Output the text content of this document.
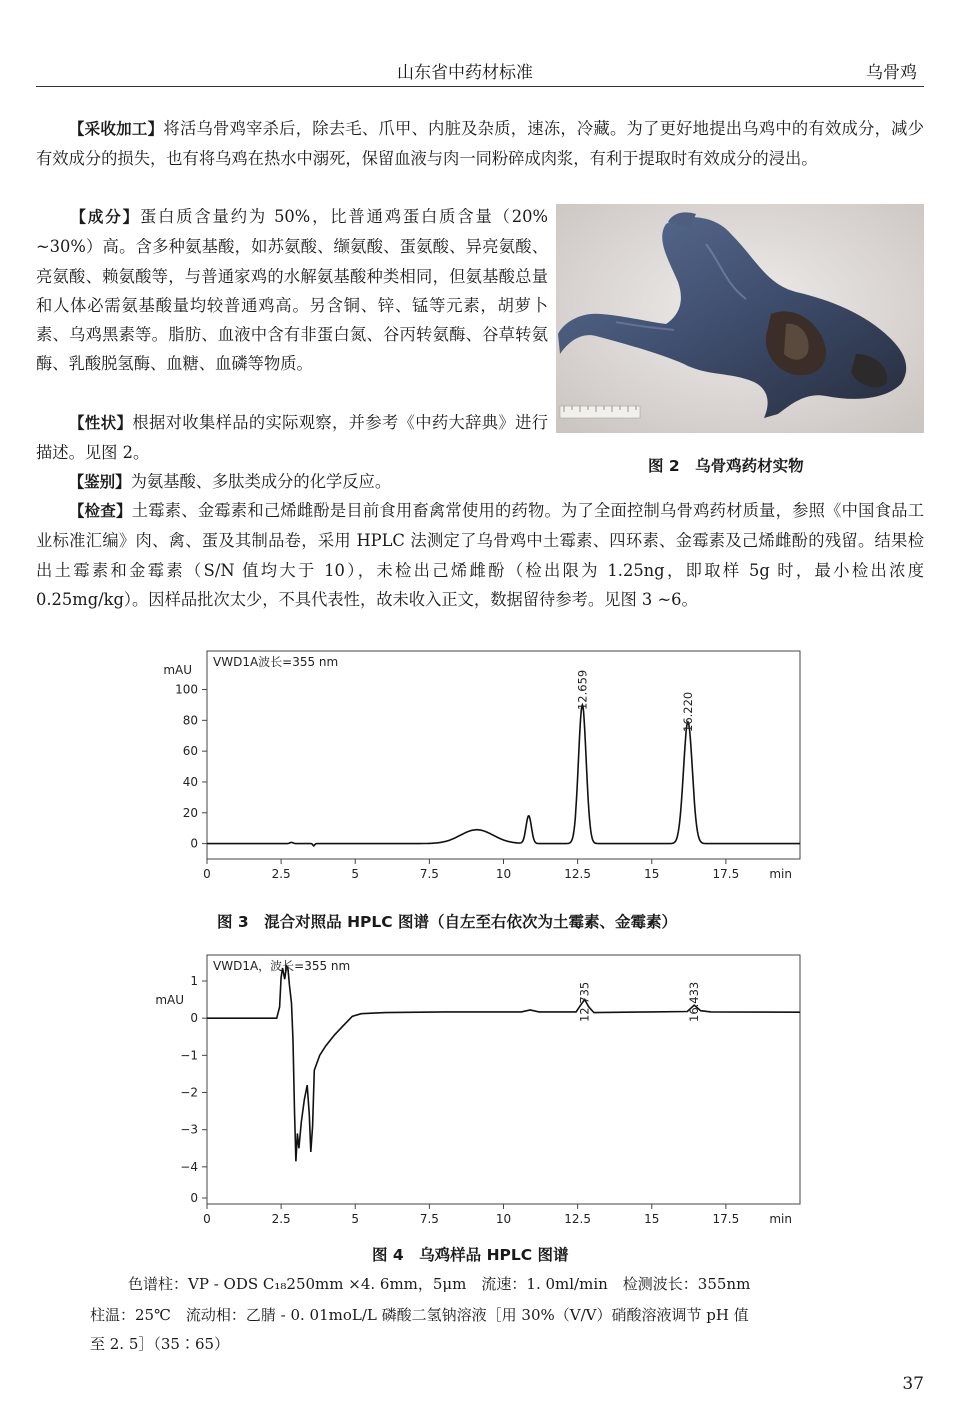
山东省中药材标准	乌骨鸡

【采收加工】将活乌骨鸡宰杀后，除去毛、爪甲、内脏及杂质，速冻，冷藏。为了更好地提出乌鸡中的有效成分，减少有效成分的损失，也有将乌鸡在热水中溺死，保留血液与肉一同粉碎成肉浆，有利于提取时有效成分的浸出。

【成分】蛋白质含量约为 50%，比普通鸡蛋白质含量（20% ~30%）高。含多种氨基酸，如苏氨酸、缬氨酸、蛋氨酸、异亮氨酸、亮氨酸、赖氨酸等，与普通家鸡的水解氨基酸种类相同，但氨基酸总量和人体必需氨基酸量均较普通鸡高。另含铜、锌、锰等元素，胡萝卜素、乌鸡黑素等。脂肪、血液中含有非蛋白氮、谷丙转氨酶、谷草转氨酶、乳酸脱氢酶、血糖、血磷等物质。

【性状】根据对收集样品的实际观察，并参考《中药大辞典》进行描述。见图 2。

【鉴别】为氨基酸、多肽类成分的化学反应。

【检查】土霉素、金霉素和己烯雌酚是目前食用畜禽常使用的药物。为了全面控制乌骨鸡药材质量，参照《中国食品工业标准汇编》肉、禽、蛋及其制品卷，采用 HPLC 法测定了乌骨鸡中土霉素、四环素、金霉素及己烯雌酚的残留。结果检出土霉素和金霉素（S/N 值均大于 10），未检出己烯雌酚（检出限为 1.25ng，即取样 5g 时，最小检出浓度 0.25mg/kg）。因样品批次太少，不具代表性，故未收入正文，数据留待参考。见图 3 ~6。

图 2　乌骨鸡药材实物
VWD1A波长=355 nm
mAU
0	2.5	5	7.5	10	12.5	15	17.5	min
0
20
40
60
80
100	12.659
16.220
图 3　混合对照品 HPLC 图谱（自左至右依次为土霉素、金霉素）
VWD1A，波长=355 nm
mAU
0	2.5	5	7.5	10	12.5	15	17.5	min
1
0
−1
−2
−3
−4
0
12.735	16.433
图 4　乌鸡样品 HPLC 图谱
色谱柱：VP - ODS C₁₈250mm ×4. 6mm，5μm　流速：1. 0ml/min　检测波长：355nm
柱温：25℃　流动相：乙腈 - 0. 01moL/L 磷酸二氢钠溶液［用 30%（V/V）硝酸溶液调节 pH 值
至 2. 5］（35∶65）
37
